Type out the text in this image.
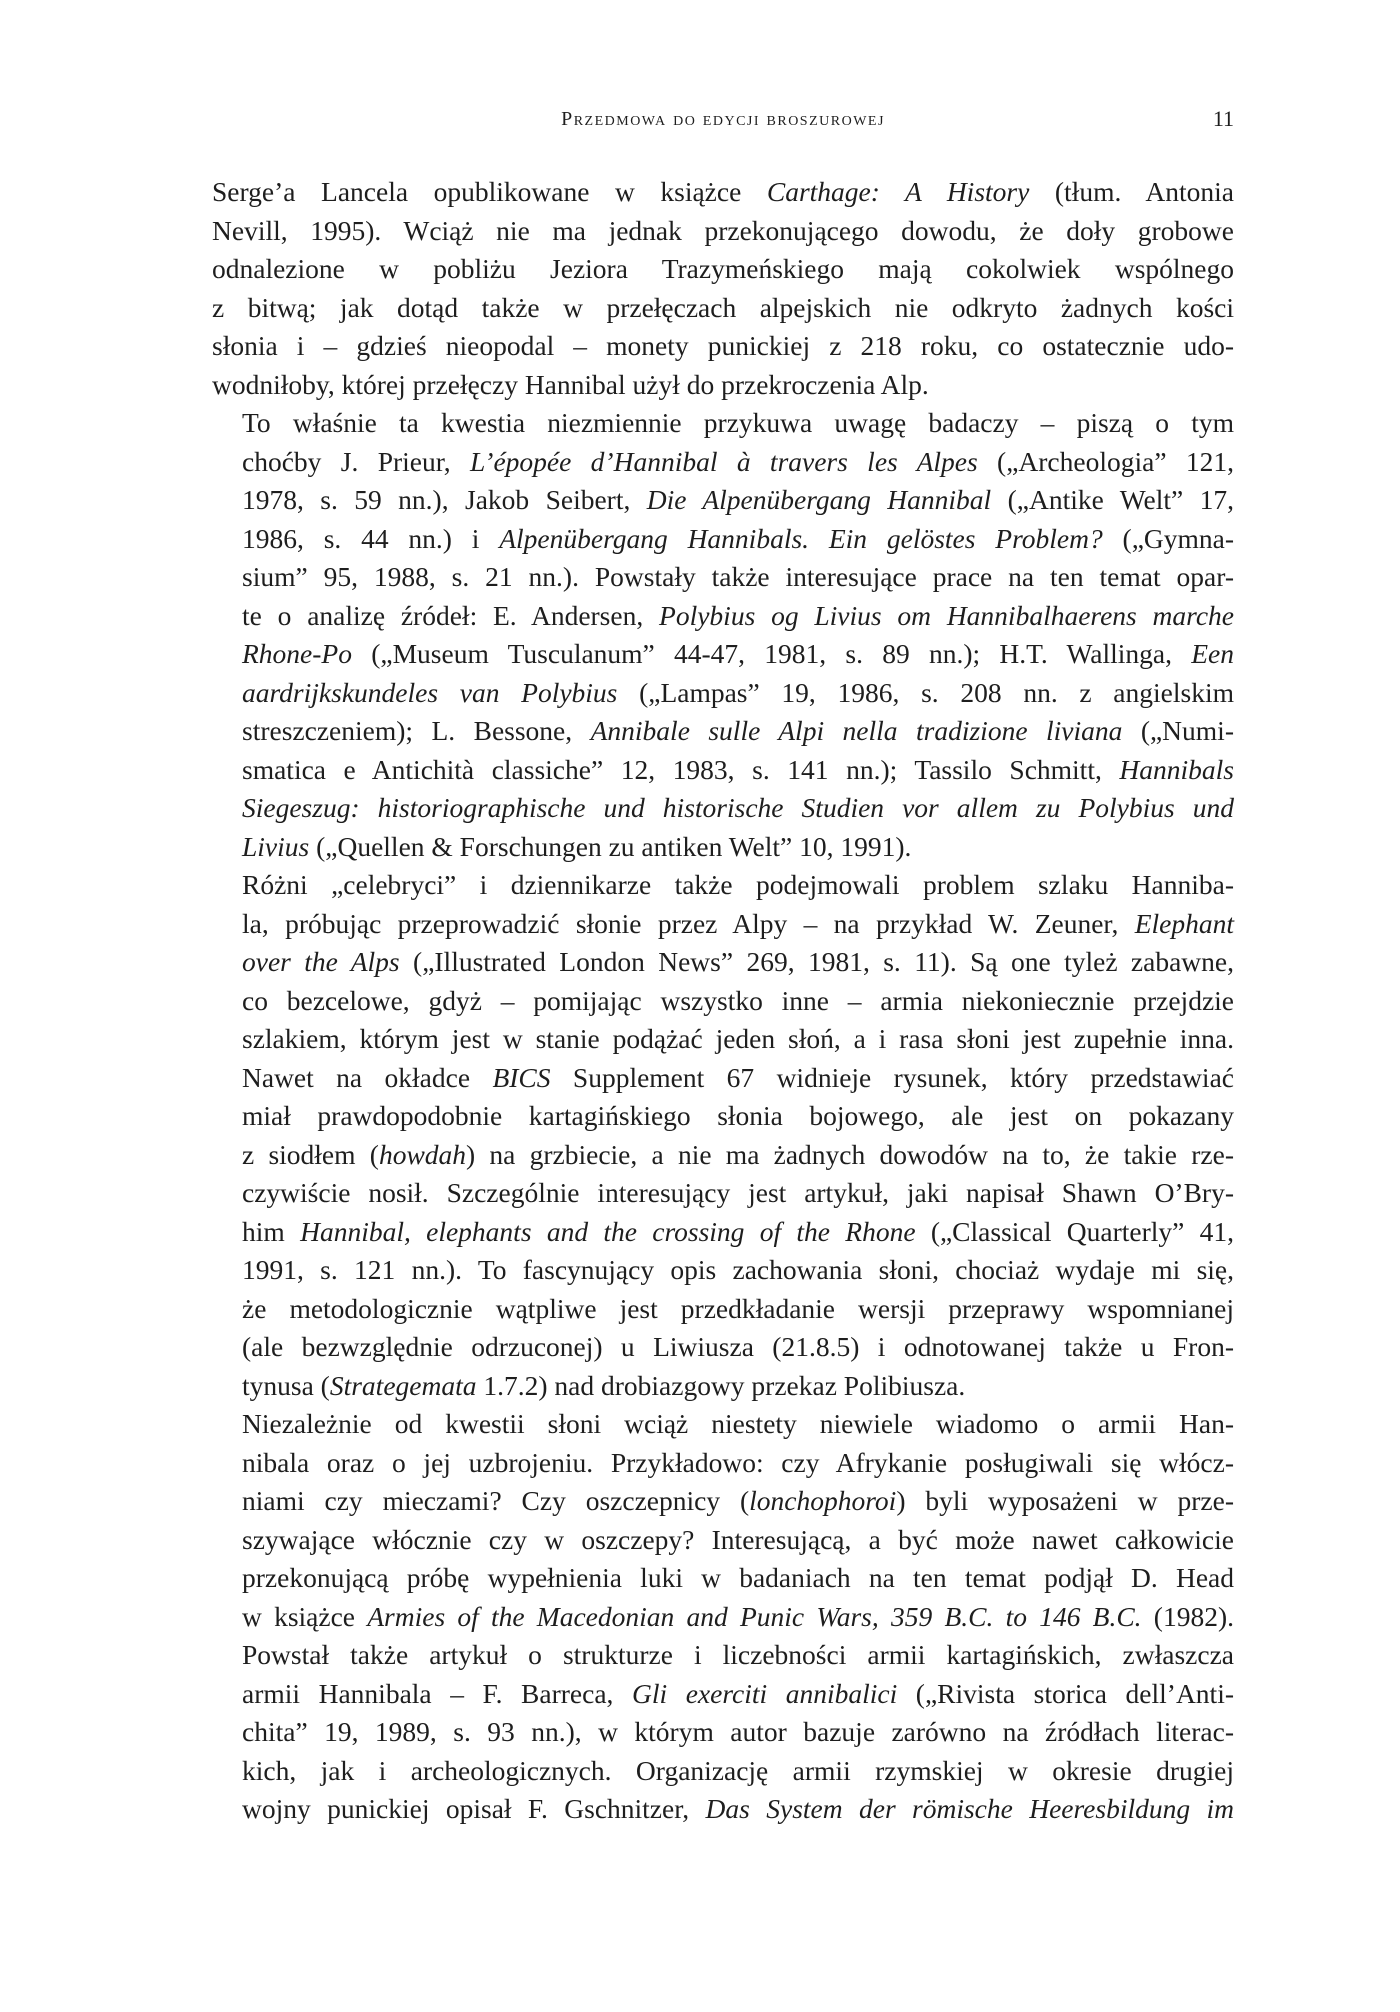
Przedmowa do edycji broszurowej	11

Serge’a Lancela opublikowane w książce Carthage: A History (tłum. Antonia
Nevill, 1995). Wciąż nie ma jednak przekonującego dowodu, że doły grobowe
odnalezione w pobliżu Jeziora Trazymeńskiego mają cokolwiek wspólnego
z bitwą; jak dotąd także w przełęczach alpejskich nie odkryto żadnych kości
słonia i – gdzieś nieopodal – monety punickiej z 218 roku, co ostatecznie udo-
wodniłoby, której przełęczy Hannibal użył do przekroczenia Alp.

To właśnie ta kwestia niezmiennie przykuwa uwagę badaczy – piszą o tym
choćby J. Prieur, L’épopée d’Hannibal à travers les Alpes („Archeologia” 121,
1978, s. 59 nn.), Jakob Seibert, Die Alpenübergang Hannibal („Antike Welt” 17,
1986, s. 44 nn.) i Alpenübergang Hannibals. Ein gelöstes Problem? („Gymna-
sium” 95, 1988, s. 21 nn.). Powstały także interesujące prace na ten temat opar-
te o analizę źródeł: E. Andersen, Polybius og Livius om Hannibalhaerens marche
Rhone-Po („Museum Tusculanum” 44-47, 1981, s. 89 nn.); H.T. Wallinga, Een
aardrijkskundeles van Polybius („Lampas” 19, 1986, s. 208 nn. z angielskim
streszczeniem); L. Bessone, Annibale sulle Alpi nella tradizione liviana („Numi-
smatica e Antichità classiche” 12, 1983, s. 141 nn.); Tassilo Schmitt, Hannibals
Siegeszug: historiographische und historische Studien vor allem zu Polybius und
Livius („Quellen & Forschungen zu antiken Welt” 10, 1991).

Różni „celebryci” i dziennikarze także podejmowali problem szlaku Hanniba-
la, próbując przeprowadzić słonie przez Alpy – na przykład W. Zeuner, Elephant
over the Alps („Illustrated London News” 269, 1981, s. 11). Są one tyleż zabawne,
co bezcelowe, gdyż – pomijając wszystko inne – armia niekoniecznie przejdzie
szlakiem, którym jest w stanie podążać jeden słoń, a i rasa słoni jest zupełnie inna.
Nawet na okładce BICS Supplement 67 widnieje rysunek, który przedstawiać
miał prawdopodobnie kartagińskiego słonia bojowego, ale jest on pokazany
z siodłem (howdah) na grzbiecie, a nie ma żadnych dowodów na to, że takie rze-
czywiście nosił. Szczególnie interesujący jest artykuł, jaki napisał Shawn O’Bry-
him Hannibal, elephants and the crossing of the Rhone („Classical Quarterly” 41,
1991, s. 121 nn.). To fascynujący opis zachowania słoni, chociaż wydaje mi się,
że metodologicznie wątpliwe jest przedkładanie wersji przeprawy wspomnianej
(ale bezwzględnie odrzuconej) u Liwiusza (21.8.5) i odnotowanej także u Fron-
tynusa (Strategemata 1.7.2) nad drobiazgowy przekaz Polibiusza.

Niezależnie od kwestii słoni wciąż niestety niewiele wiadomo o armii Han-
nibala oraz o jej uzbrojeniu. Przykładowo: czy Afrykanie posługiwali się włócz-
niami czy mieczami? Czy oszczepnicy (lonchophoroi) byli wyposażeni w prze-
szywające włócznie czy w oszczepy? Interesującą, a być może nawet całkowicie
przekonującą próbę wypełnienia luki w badaniach na ten temat podjął D. Head
w książce Armies of the Macedonian and Punic Wars, 359 B.C. to 146 B.C. (1982).
Powstał także artykuł o strukturze i liczebności armii kartagińskich, zwłaszcza
armii Hannibala – F. Barreca, Gli exerciti annibalici („Rivista storica dell’Anti-
chita” 19, 1989, s. 93 nn.), w którym autor bazuje zarówno na źródłach literac-
kich, jak i archeologicznych. Organizację armii rzymskiej w okresie drugiej
wojny punickiej opisał F. Gschnitzer, Das System der römische Heeresbildung im
